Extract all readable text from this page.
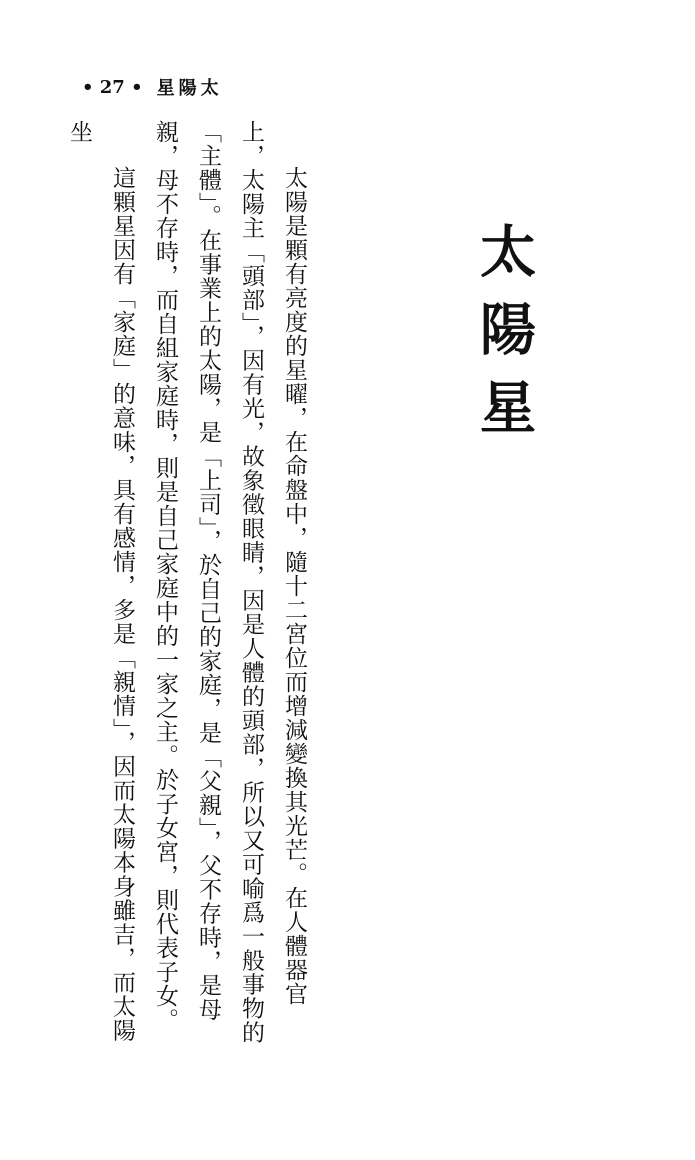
• 27 • 星陽太
太陽星

太陽是顆有亮度的星曜，在命盤中，隨十二宮位而增減變換其光芒。在人體器官上，太陽主「頭部」，因有光，故象徵眼睛，因是人體的頭部，所以又可喻爲一般事物的「主體」。在事業上的太陽，是「上司」，於自己的家庭，是「父親」，父不存時，是母親，母不存時，而自組家庭時，則是自己家庭中的一家之主。於子女宮，則代表子女。

這顆星因有「家庭」的意味，具有感情，多是「親情」，因而太陽本身雖吉，而太陽坐
